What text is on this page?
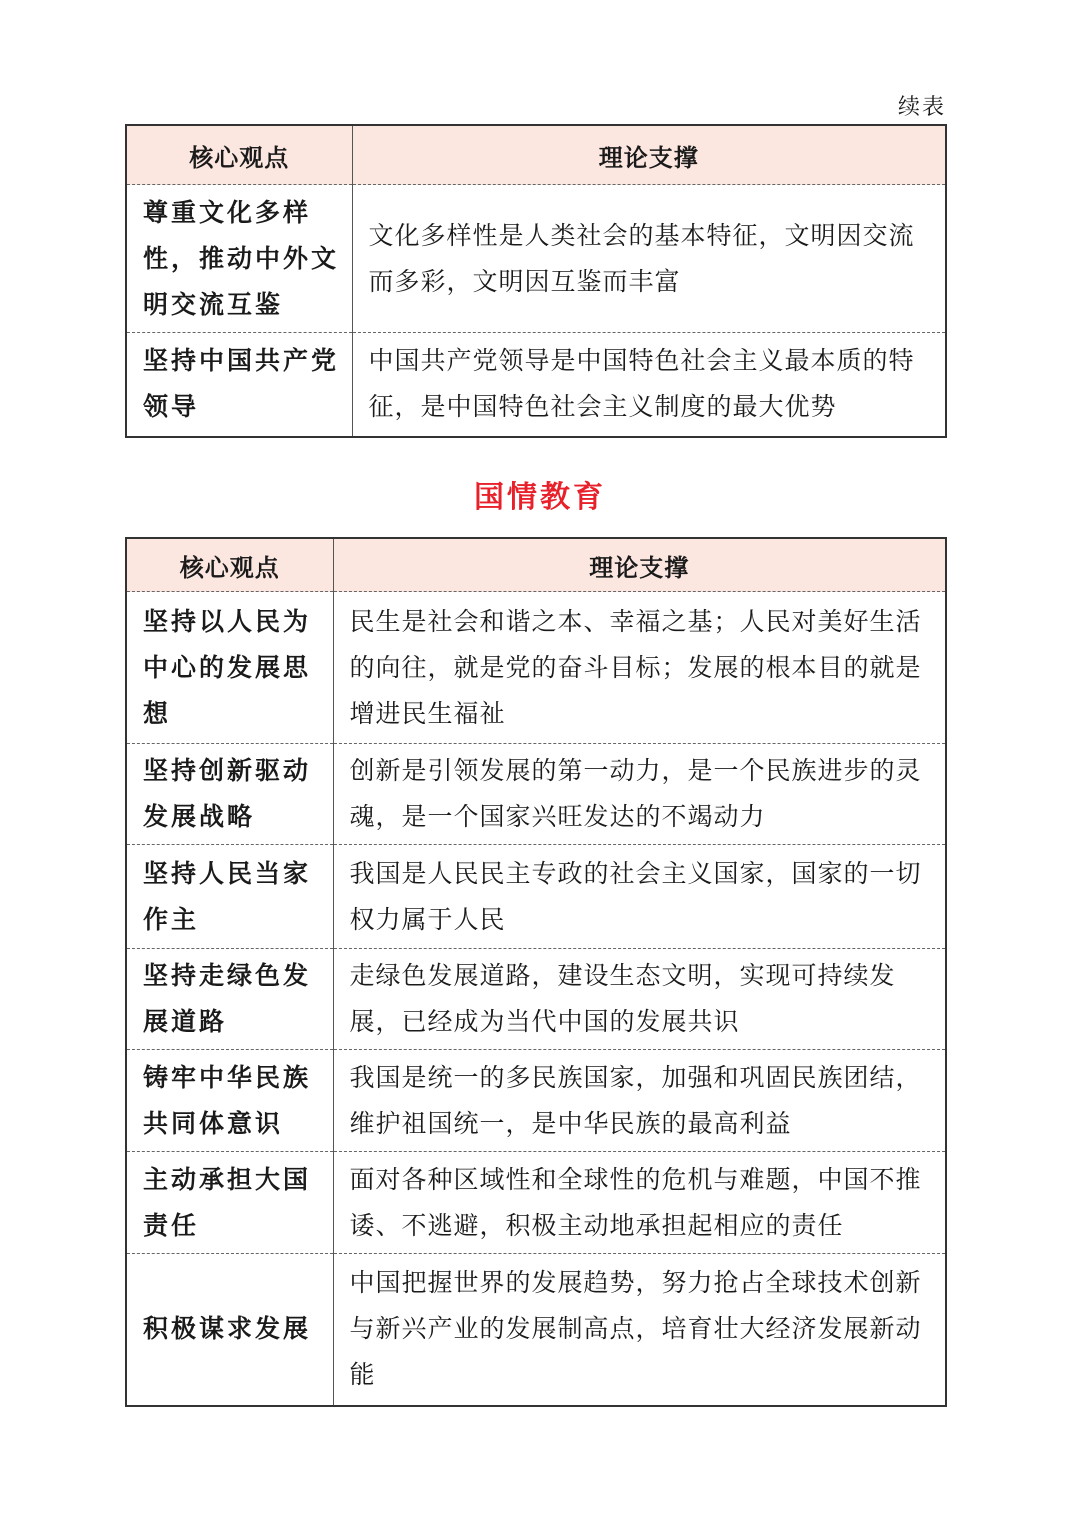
续表
核心观点	理论支撑
尊重文化多样性，推动中外文明交流互鉴	文化多样性是人类社会的基本特征，文明因交流而多彩，文明因互鉴而丰富
坚持中国共产党领导	中国共产党领导是中国特色社会主义最本质的特征，是中国特色社会主义制度的最大优势
国情教育
核心观点	理论支撑
坚持以人民为中心的发展思想	民生是社会和谐之本、幸福之基；人民对美好生活的向往，就是党的奋斗目标；发展的根本目的就是增进民生福祉
坚持创新驱动发展战略	创新是引领发展的第一动力，是一个民族进步的灵魂，是一个国家兴旺发达的不竭动力
坚持人民当家作主	我国是人民民主专政的社会主义国家，国家的一切权力属于人民
坚持走绿色发展道路	走绿色发展道路，建设生态文明，实现可持续发展，已经成为当代中国的发展共识
铸牢中华民族共同体意识	我国是统一的多民族国家，加强和巩固民族团结，维护祖国统一，是中华民族的最高利益
主动承担大国责任	面对各种区域性和全球性的危机与难题，中国不推诿、不逃避，积极主动地承担起相应的责任
积极谋求发展	中国把握世界的发展趋势，努力抢占全球技术创新与新兴产业的发展制高点，培育壮大经济发展新动能
